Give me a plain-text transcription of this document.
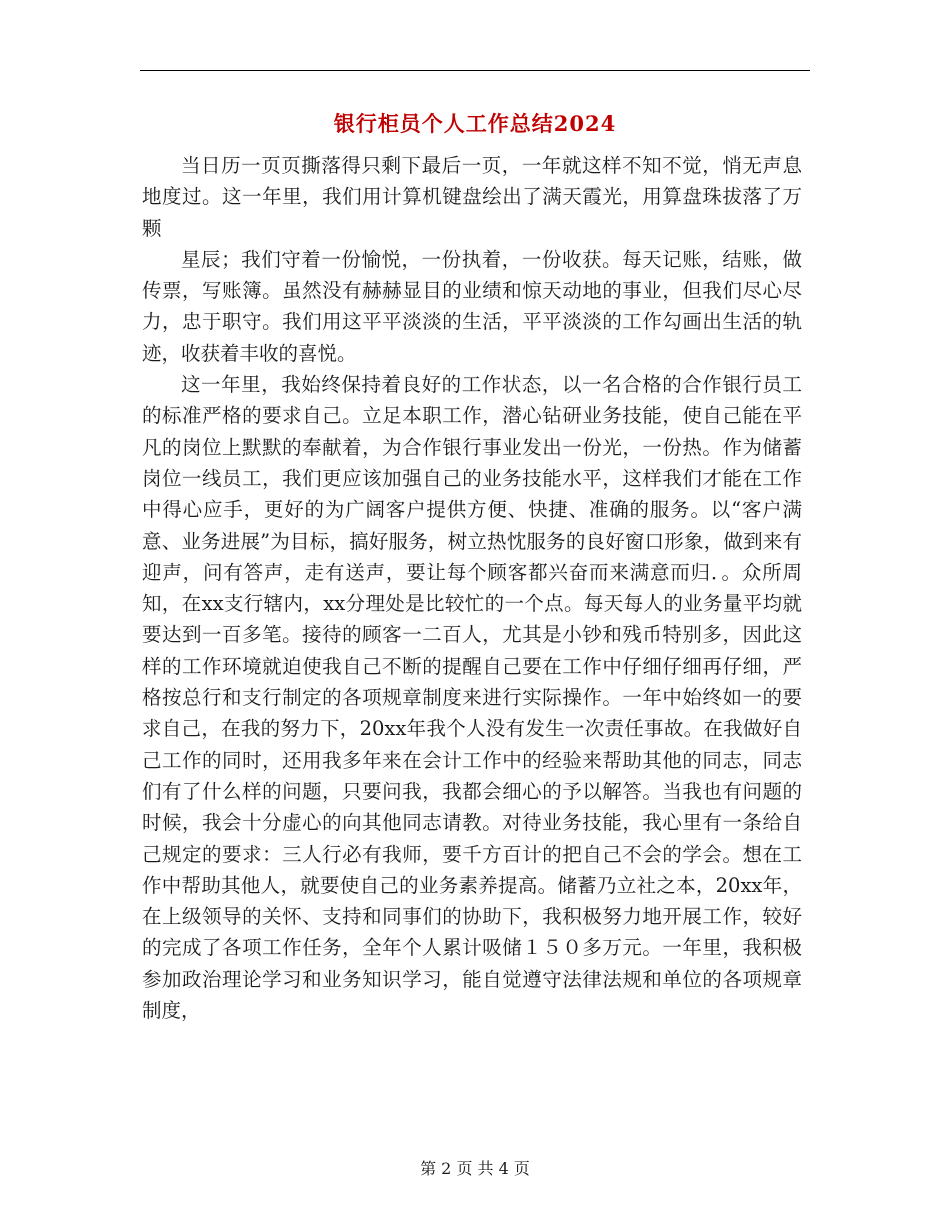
银行柜员个人工作总结2024

当日历一页页撕落得只剩下最后一页，一年就这样不知不觉，悄无声息地度过。这一年里，我们用计算机键盘绘出了满天霞光，用算盘珠拔落了万颗

星辰；我们守着一份愉悦，一份执着，一份收获。每天记账，结账，做传票，写账簿。虽然没有赫赫显目的业绩和惊天动地的事业，但我们尽心尽力，忠于职守。我们用这平平淡淡的生活，平平淡淡的工作勾画出生活的轨迹，收获着丰收的喜悦。

这一年里，我始终保持着良好的工作状态，以一名合格的合作银行员工的标准严格的要求自己。立足本职工作，潜心钻研业务技能，使自己能在平凡的岗位上默默的奉献着，为合作银行事业发出一份光，一份热。作为储蓄岗位一线员工，我们更应该加强自己的业务技能水平，这样我们才能在工作中得心应手，更好的为广阔客户提供方便、快捷、准确的服务。以“客户满意、业务进展”为目标，搞好服务，树立热忱服务的良好窗口形象，做到来有迎声，问有答声，走有送声，要让每个顾客都兴奋而来满意而归．。众所周知，在xx支行辖内，xx分理处是比较忙的一个点。每天每人的业务量平均就要达到一百多笔。接待的顾客一二百人，尤其是小钞和残币特别多，因此这样的工作环境就迫使我自己不断的提醒自己要在工作中仔细仔细再仔细，严格按总行和支行制定的各项规章制度来进行实际操作。一年中始终如一的要求自己，在我的努力下，20xx年我个人没有发生一次责任事故。在我做好自己工作的同时，还用我多年来在会计工作中的经验来帮助其他的同志，同志们有了什么样的问题，只要问我，我都会细心的予以解答。当我也有问题的时候，我会十分虚心的向其他同志请教。对待业务技能，我心里有一条给自己规定的要求：三人行必有我师，要千方百计的把自己不会的学会。想在工作中帮助其他人，就要使自己的业务素养提高。储蓄乃立社之本，20xx年，在上级领导的关怀、支持和同事们的协助下，我积极努力地开展工作，较好的完成了各项工作任务，全年个人累计吸储１５０多万元。一年里，我积极参加政治理论学习和业务知识学习，能自觉遵守法律法规和单位的各项规章制度，

第 2 页 共 4 页
